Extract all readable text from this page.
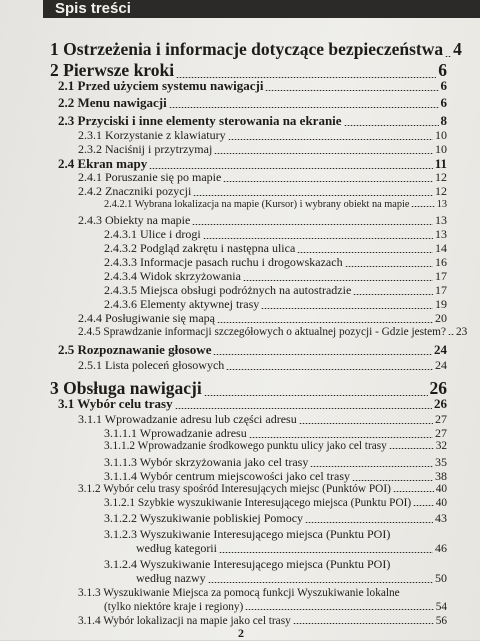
Spis treści
1 Ostrzeżenia i informacje dotyczące bezpieczeństwa 4
2 Pierwsze kroki	6
2.1 Przed użyciem systemu nawigacji	6
2.2 Menu nawigacji	6
2.3 Przyciski i inne elementy sterowania na ekranie	8
2.3.1 Korzystanie z klawiatury	10
2.3.2 Naciśnij i przytrzymaj	10
2.4 Ekran mapy	11
2.4.1 Poruszanie się po mapie	12
2.4.2 Znaczniki pozycji	12
2.4.2.1 Wybrana lokalizacja na mapie (Kursor) i wybrany obiekt na mapie	13
2.4.3 Obiekty na mapie	13
2.4.3.1 Ulice i drogi	13
2.4.3.2 Podgląd zakrętu i następna ulica	14
2.4.3.3 Informacje pasach ruchu i drogowskazach	16
2.4.3.4 Widok skrzyżowania	17
2.4.3.5 Miejsca obsługi podróżnych na autostradzie	17
2.4.3.6 Elementy aktywnej trasy	19
2.4.4 Posługiwanie się mapą	20
2.4.5 Sprawdzanie informacji szczegółowych o aktualnej pozycji - Gdzie jestem? 23
2.5 Rozpoznawanie głosowe	24
2.5.1 Lista poleceń głosowych	24
3 Obsługa nawigacji	26
3.1 Wybór celu trasy	26
3.1.1 Wprowadzanie adresu lub części adresu	27
3.1.1.1 Wprowadzanie adresu	27
3.1.1.2 Wprowadzanie środkowego punktu ulicy jako cel trasy	32
3.1.1.3 Wybór skrzyżowania jako cel trasy	35
3.1.1.4 Wybór centrum miejscowości jako cel trasy	38
3.1.2 Wybór celu trasy spośród Interesujących miejsc (Punktów POI)	40
3.1.2.1 Szybkie wyszukiwanie Interesującego miejsca (Punktu POI) 40
3.1.2.2 Wyszukiwanie pobliskiej Pomocy	43
3.1.2.3 Wyszukiwanie Interesującego miejsca (Punktu POI)
według kategorii	46
3.1.2.4 Wyszukiwanie Interesującego miejsca (Punktu POI)
według nazwy	50
3.1.3 Wyszukiwanie Miejsca za pomocą funkcji Wyszukiwanie lokalne
(tylko niektóre kraje i regiony)	54
3.1.4 Wybór lokalizacji na mapie jako cel trasy	56
2
